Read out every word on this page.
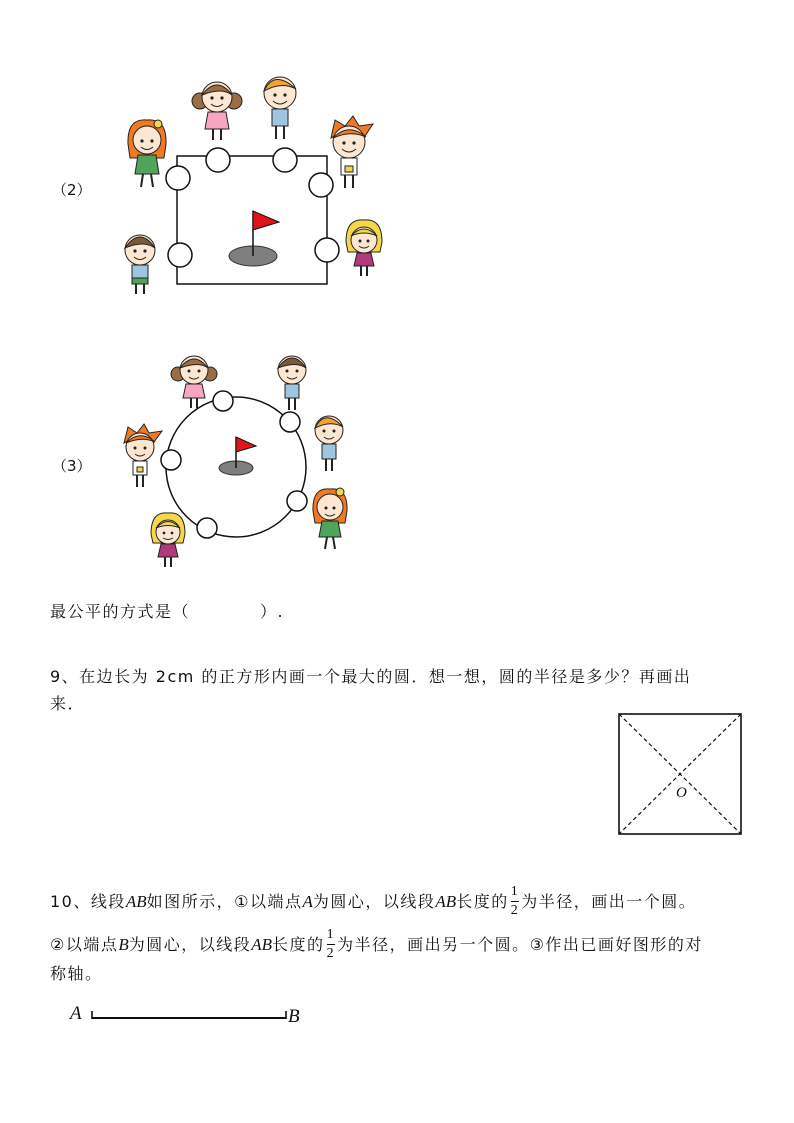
（2）
（3）
最公平的方式是（　　　　）.
9、在边长为 2cm 的正方形内画一个最大的圆．想一想，圆的半径是多少？再画出
来．
O
10、线段AB如图所示，①以端点A为圆心，以线段AB长度的 $\frac{1}{2}$ 为半径，画出一个圆。
②以端点B为圆心，以线段AB长度的 $\frac{1}{2}$ 为半径，画出另一个圆。③作出已画好图形的对
称轴。
A	B
